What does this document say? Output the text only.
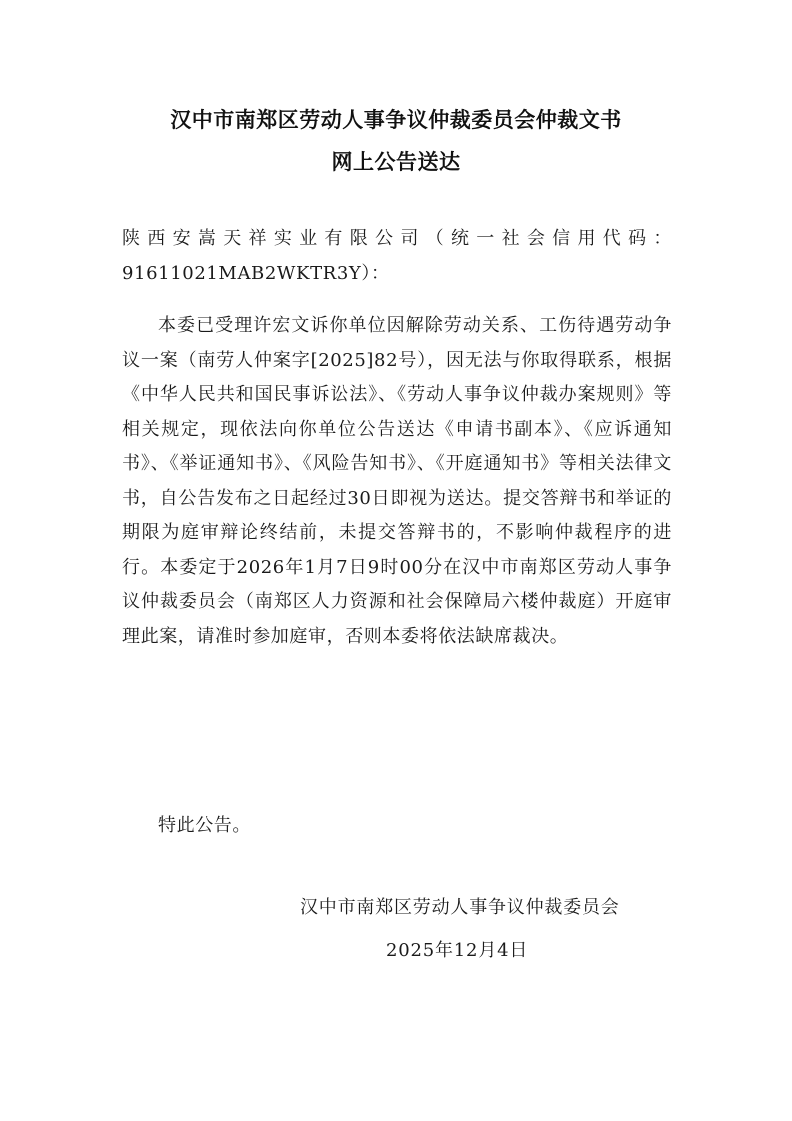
汉中市南郑区劳动人事争议仲裁委员会仲裁文书
网上公告送达
陕西安嵩天祥实业有限公司（统一社会信用代码：91611021MAB2WKTR3Y）：
本委已受理许宏文诉你单位因解除劳动关系、工伤待遇劳动争议一案（南劳人仲案字[2025]82号），因无法与你取得联系，根据《中华人民共和国民事诉讼法》、《劳动人事争议仲裁办案规则》等相关规定，现依法向你单位公告送达《申请书副本》、《应诉通知书》、《举证通知书》、《风险告知书》、《开庭通知书》等相关法律文书，自公告发布之日起经过30日即视为送达。提交答辩书和举证的期限为庭审辩论终结前，未提交答辩书的，不影响仲裁程序的进行。本委定于2026年1月7日9时00分在汉中市南郑区劳动人事争议仲裁委员会（南郑区人力资源和社会保障局六楼仲裁庭）开庭审理此案，请准时参加庭审，否则本委将依法缺席裁决。
特此公告。
汉中市南郑区劳动人事争议仲裁委员会
2025年12月4日
